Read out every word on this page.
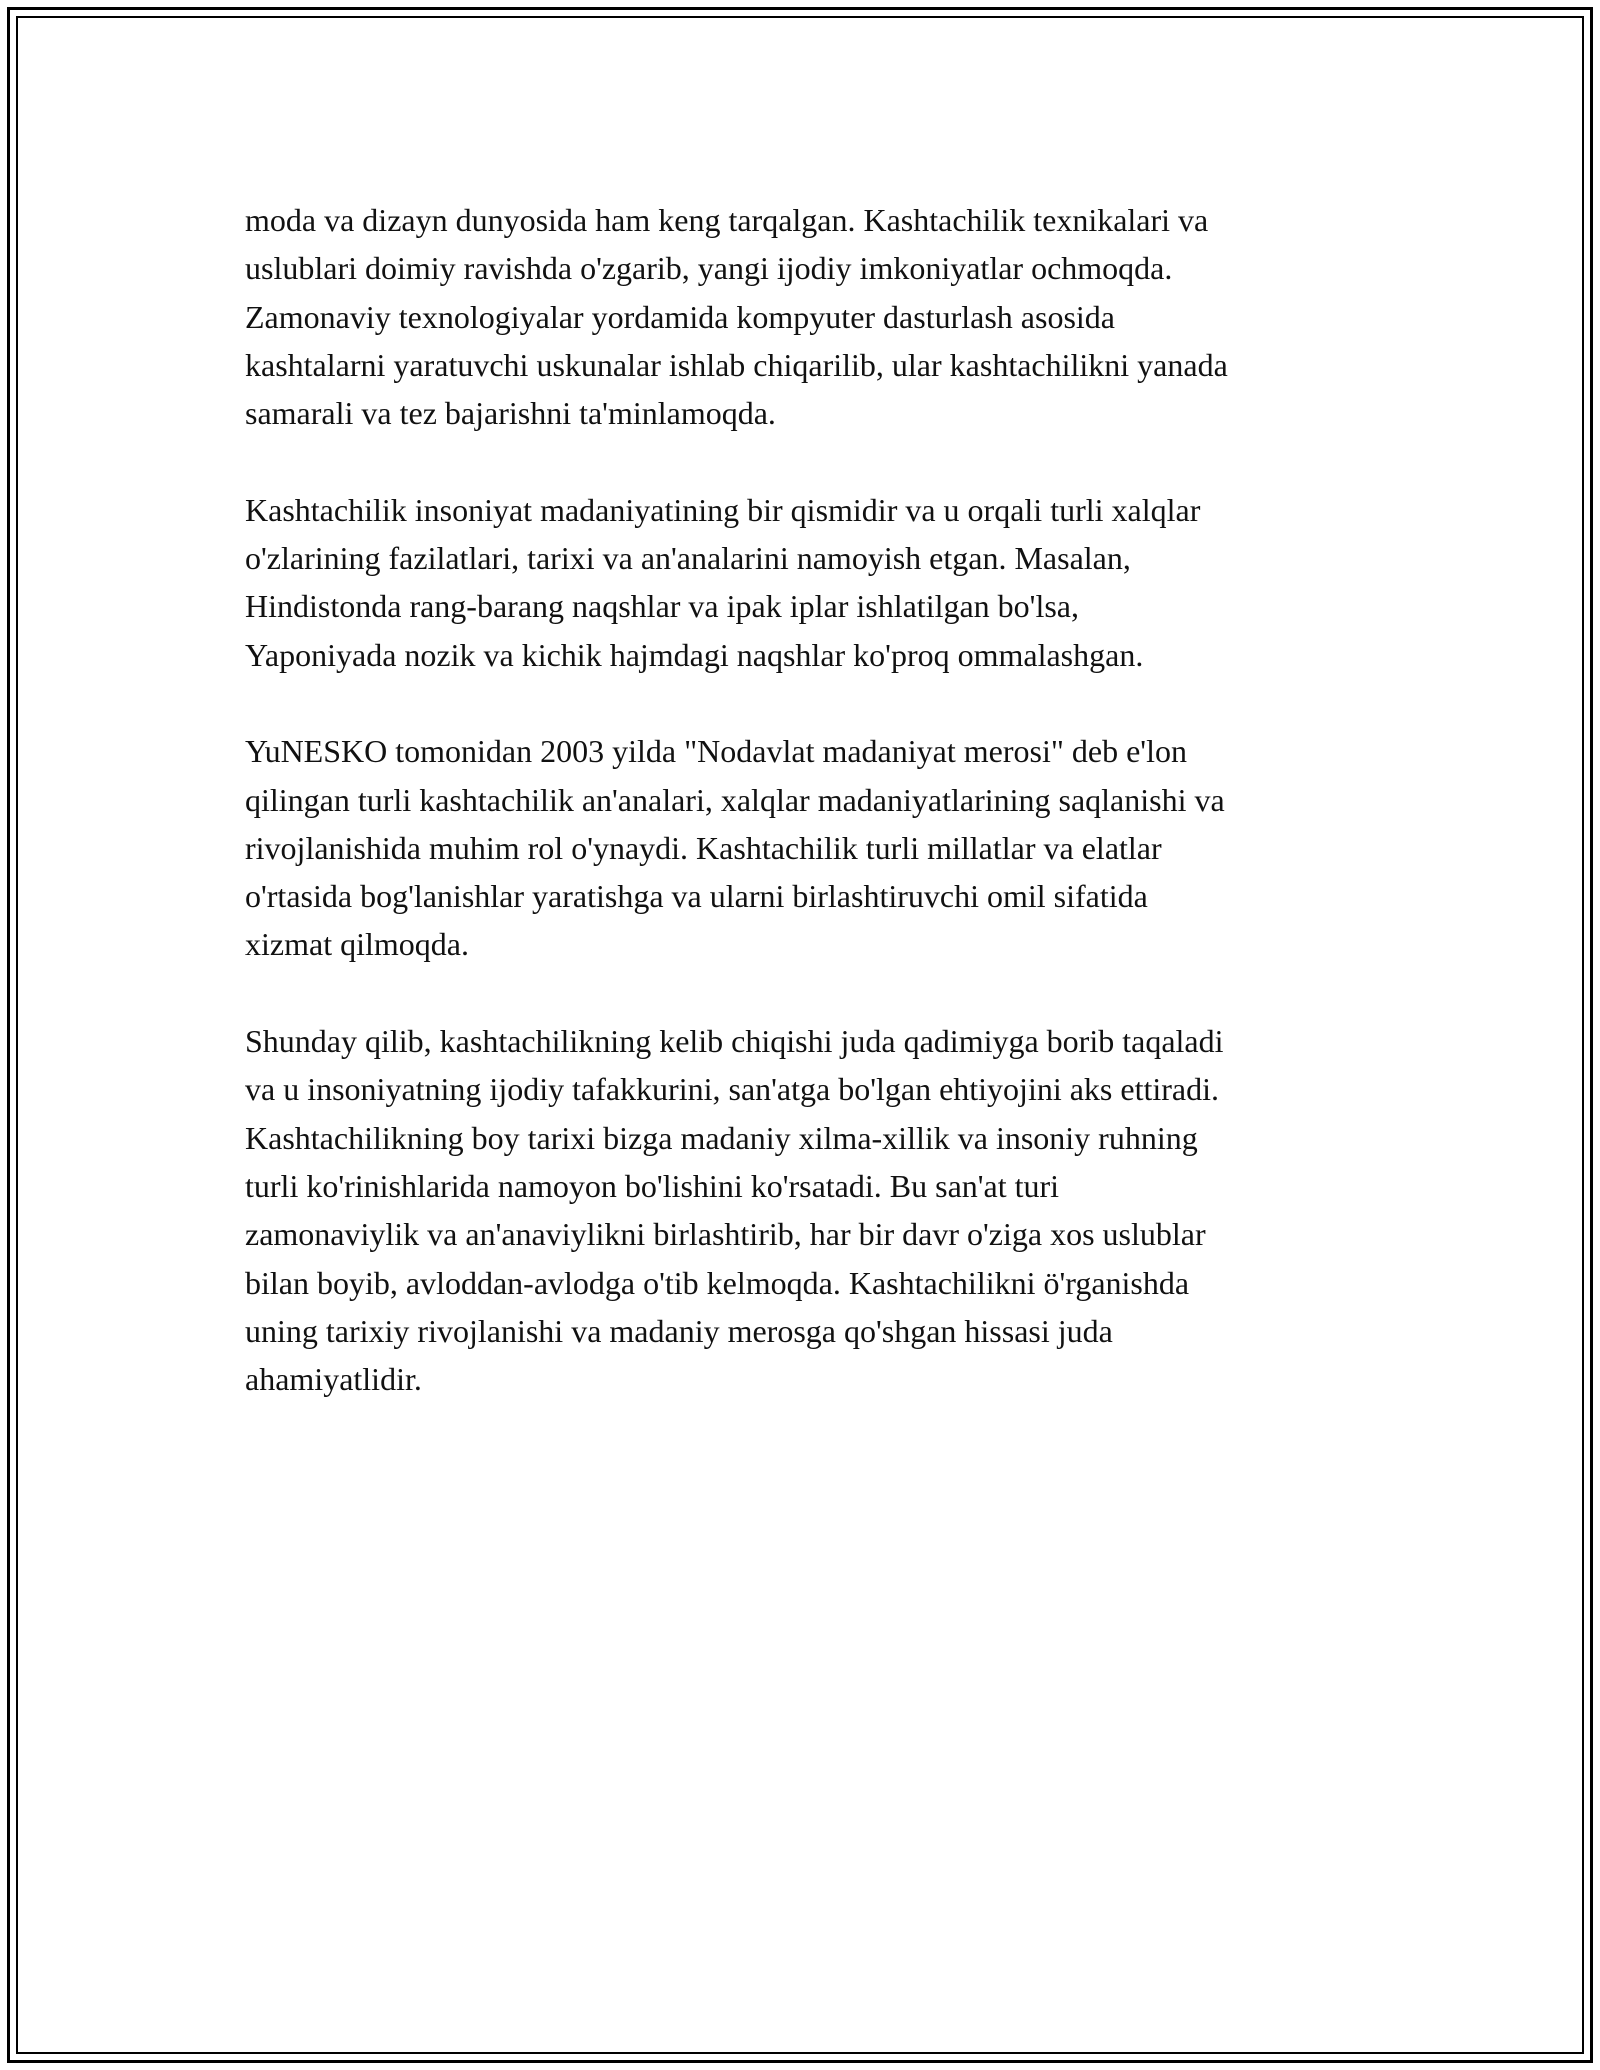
moda va dizayn dunyosida ham keng tarqalgan. Kashtachilik texnikalari va
uslublari doimiy ravishda o'zgarib, yangi ijodiy imkoniyatlar ochmoqda.
Zamonaviy texnologiyalar yordamida kompyuter dasturlash asosida
kashtalarni yaratuvchi uskunalar ishlab chiqarilib, ular kashtachilikni yanada
samarali va tez bajarishni ta'minlamoqda.

Kashtachilik insoniyat madaniyatining bir qismidir va u orqali turli xalqlar
o'zlarining fazilatlari, tarixi va an'analarini namoyish etgan. Masalan,
Hindistonda rang-barang naqshlar va ipak iplar ishlatilgan bo'lsa,
Yaponiyada nozik va kichik hajmdagi naqshlar ko'proq ommalashgan.

YuNESKO tomonidan 2003 yilda "Nodavlat madaniyat merosi" deb e'lon
qilingan turli kashtachilik an'analari, xalqlar madaniyatlarining saqlanishi va
rivojlanishida muhim rol o'ynaydi. Kashtachilik turli millatlar va elatlar
o'rtasida bog'lanishlar yaratishga va ularni birlashtiruvchi omil sifatida
xizmat qilmoqda.

Shunday qilib, kashtachilikning kelib chiqishi juda qadimiyga borib taqaladi
va u insoniyatning ijodiy tafakkurini, san'atga bo'lgan ehtiyojini aks ettiradi.
Kashtachilikning boy tarixi bizga madaniy xilma-xillik va insoniy ruhning
turli ko'rinishlarida namoyon bo'lishini ko'rsatadi. Bu san'at turi
zamonaviylik va an'anaviylikni birlashtirib, har bir davr o'ziga xos uslublar
bilan boyib, avloddan-avlodga o'tib kelmoqda. Kashtachilikni ö'rganishda
uning tarixiy rivojlanishi va madaniy merosga qo'shgan hissasi juda
ahamiyatlidir.
